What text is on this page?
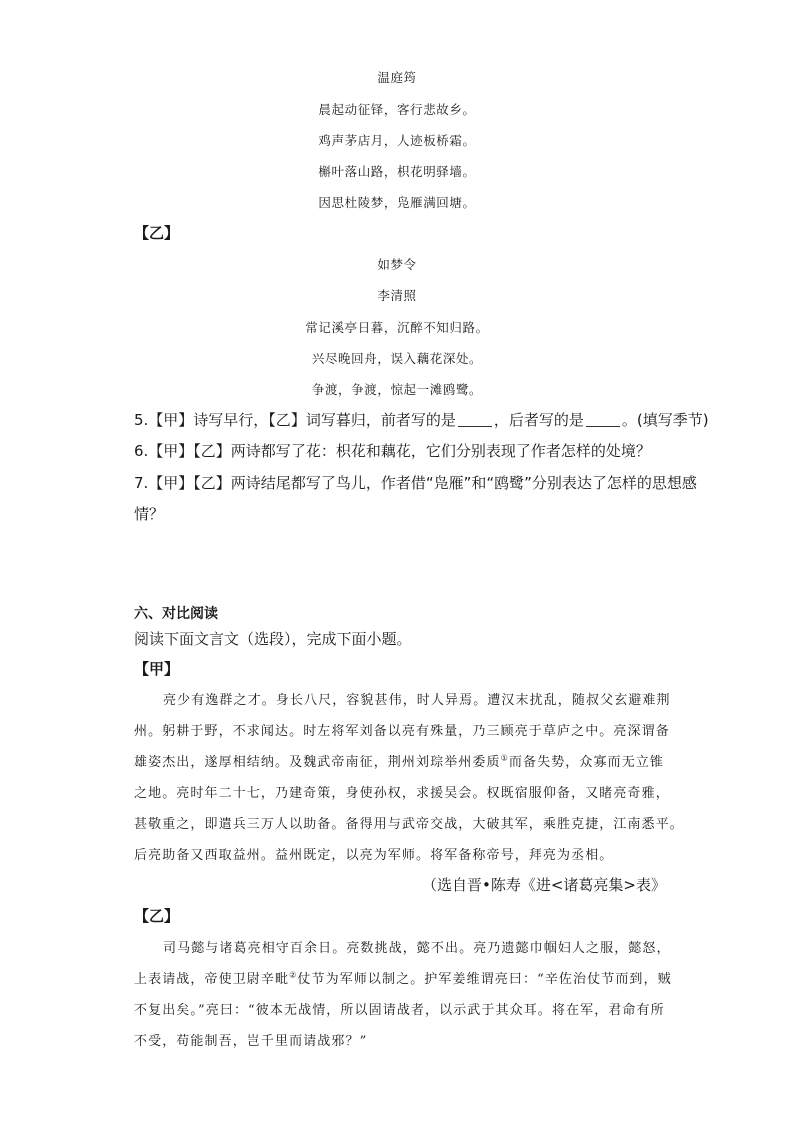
温庭筠
晨起动征铎，客行悲故乡。
鸡声茅店月，人迹板桥霜。
槲叶落山路，枳花明驿墙。
因思杜陵梦，凫雁满回塘。
【乙】
如梦令
李清照
常记溪亭日暮，沉醉不知归路。
兴尽晚回舟，误入藕花深处。
争渡，争渡，惊起一滩鸥鹭。
5.【甲】诗写早行，【乙】词写暮归，前者写的是	，后者写的是	。(填写季节)
6.【甲】【乙】两诗都写了花：枳花和藕花，它们分别表现了作者怎样的处境？
7.【甲】【乙】两诗结尾都写了鸟儿，作者借“凫雁”和“鸥鹭”分别表达了怎样的思想感
情？
六、对比阅读
阅读下面文言文（选段），完成下面小题。
【甲】
亮少有逸群之才。身长八尺，容貌甚伟，时人异焉。遭汉末扰乱，随叔父玄避难荆
州。躬耕于野，不求闻达。时左将军刘备以亮有殊量，乃三顾亮于草庐之中。亮深谓备
雄姿杰出，遂厚相结纳。及魏武帝南征，荆州刘琮举州委质①而备失势，众寡而无立锥
之地。亮时年二十七，乃建奇策，身使孙权，求援吴会。权既宿服仰备，又睹亮奇雅，
甚敬重之，即遣兵三万人以助备。备得用与武帝交战，大破其军，乘胜克捷，江南悉平。
后亮助备又西取益州。益州既定，以亮为军师。将军备称帝号，拜亮为丞相。
（选自晋•陈寿《进<诸葛亮集>表》
【乙】
司马懿与诸葛亮相守百余日。亮数挑战，懿不出。亮乃遗懿巾帼妇人之服，懿怒，
上表请战，帝使卫尉辛毗②仗节为军师以制之。护军姜维谓亮曰：“辛佐治仗节而到，贼
不复出矣。”亮曰：“彼本无战情，所以固请战者，以示武于其众耳。将在军，君命有所
不受，苟能制吾，岂千里而请战邪？”
